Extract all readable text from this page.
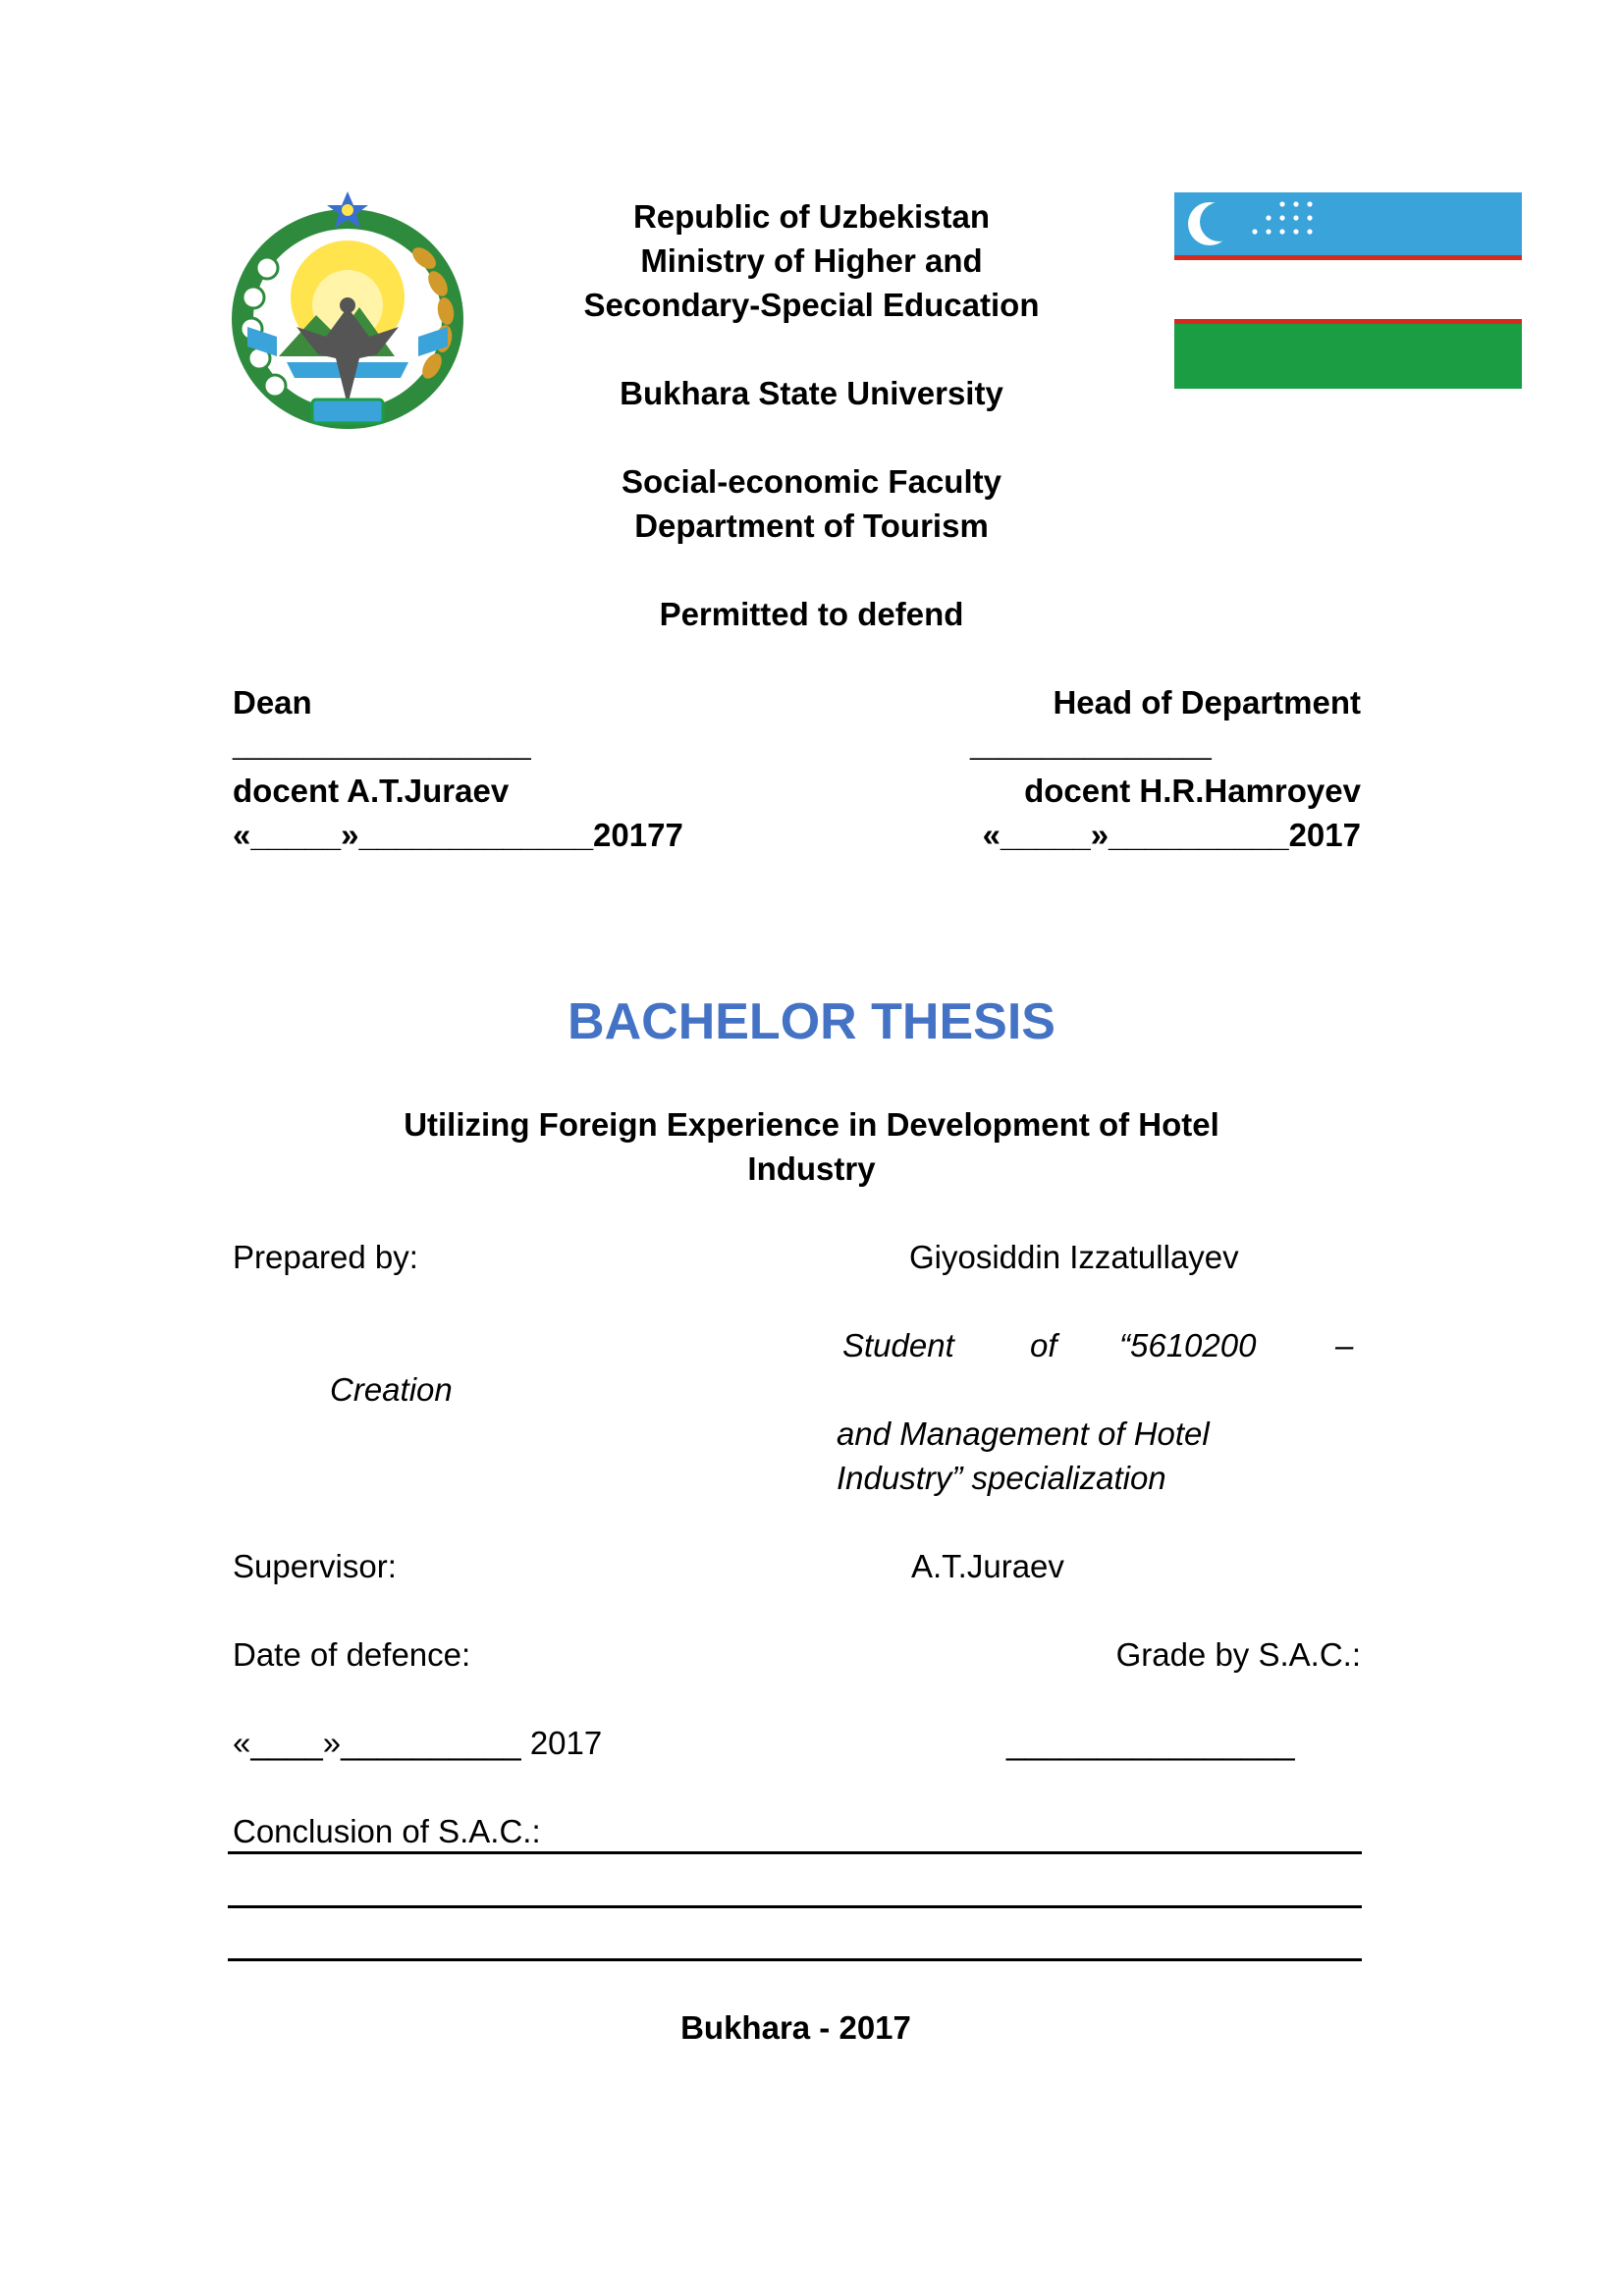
Republic of Uzbekistan
Ministry of Higher and
Secondary-Special Education
Bukhara State University
Social-economic Faculty
Department of Tourism
Permitted to defend
Dean	Head of Department
_____________________	_________________
docent A.T.Juraev	docent H.R.Hamroyev
«_____»_____________20177	«_____»__________2017
BACHELOR THESIS
Utilizing Foreign Experience in Development of Hotel
Industry
Prepared by:	Giyosiddin Izzatullayev
Student of “5610200 –
Creation
and Management of Hotel
Industry” specialization
Supervisor:	A.T.Juraev
Date of defence:	Grade by S.A.C.:
«____»__________ 2017	________________
Conclusion of S.A.C.:
Bukhara - 2017
